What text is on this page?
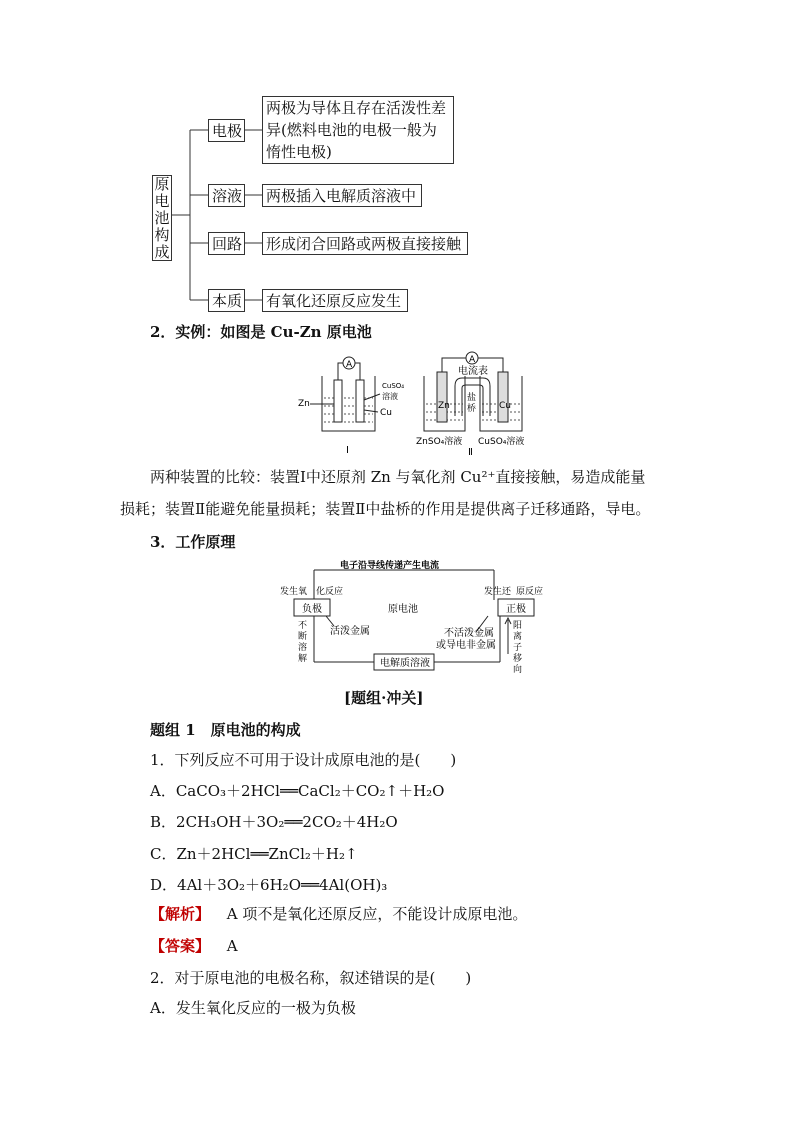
原电池构成
电极
两极为导体且存在活泼性差
异(燃料电池的电极一般为
惰性电极)
溶液 两极插入电解质溶液中
回路 形成闭合回路或两极直接接触
本质 有氧化还原反应发生
2．实例：如图是 Cu-Zn 原电池
A
Zn
CuSO₄
溶液
Cu
Ⅰ
A
电流表
盐
桥
Zn	Cu
ZnSO₄溶液 CuSO₄溶液
Ⅱ
两种装置的比较：装置Ⅰ中还原剂 Zn 与氧化剂 Cu²⁺直接接触，易造成能量
损耗；装置Ⅱ能避免能量损耗；装置Ⅱ中盐桥的作用是提供离子迁移通路，导电。
3．工作原理
电子沿导线传递产生电流
发生氧 化反应	发生还 原反应
负极	正极
原电池
活泼金属	不活泼金属
或导电非金属
电解质溶液
不
断
溶
解
阳
离
子
移
向
[题组·冲关]
题组 1　原电池的构成
1．下列反应不可用于设计成原电池的是(　　)
A．CaCO₃＋2HCl══CaCl₂＋CO₂↑＋H₂O
B．2CH₃OH＋3O₂══2CO₂＋4H₂O
C．Zn＋2HCl══ZnCl₂＋H₂↑
D．4Al＋3O₂＋6H₂O══4Al(OH)₃
【解析】 A 项不是氧化还原反应，不能设计成原电池。
【答案】 A
2．对于原电池的电极名称，叙述错误的是(　　)
A．发生氧化反应的一极为负极
